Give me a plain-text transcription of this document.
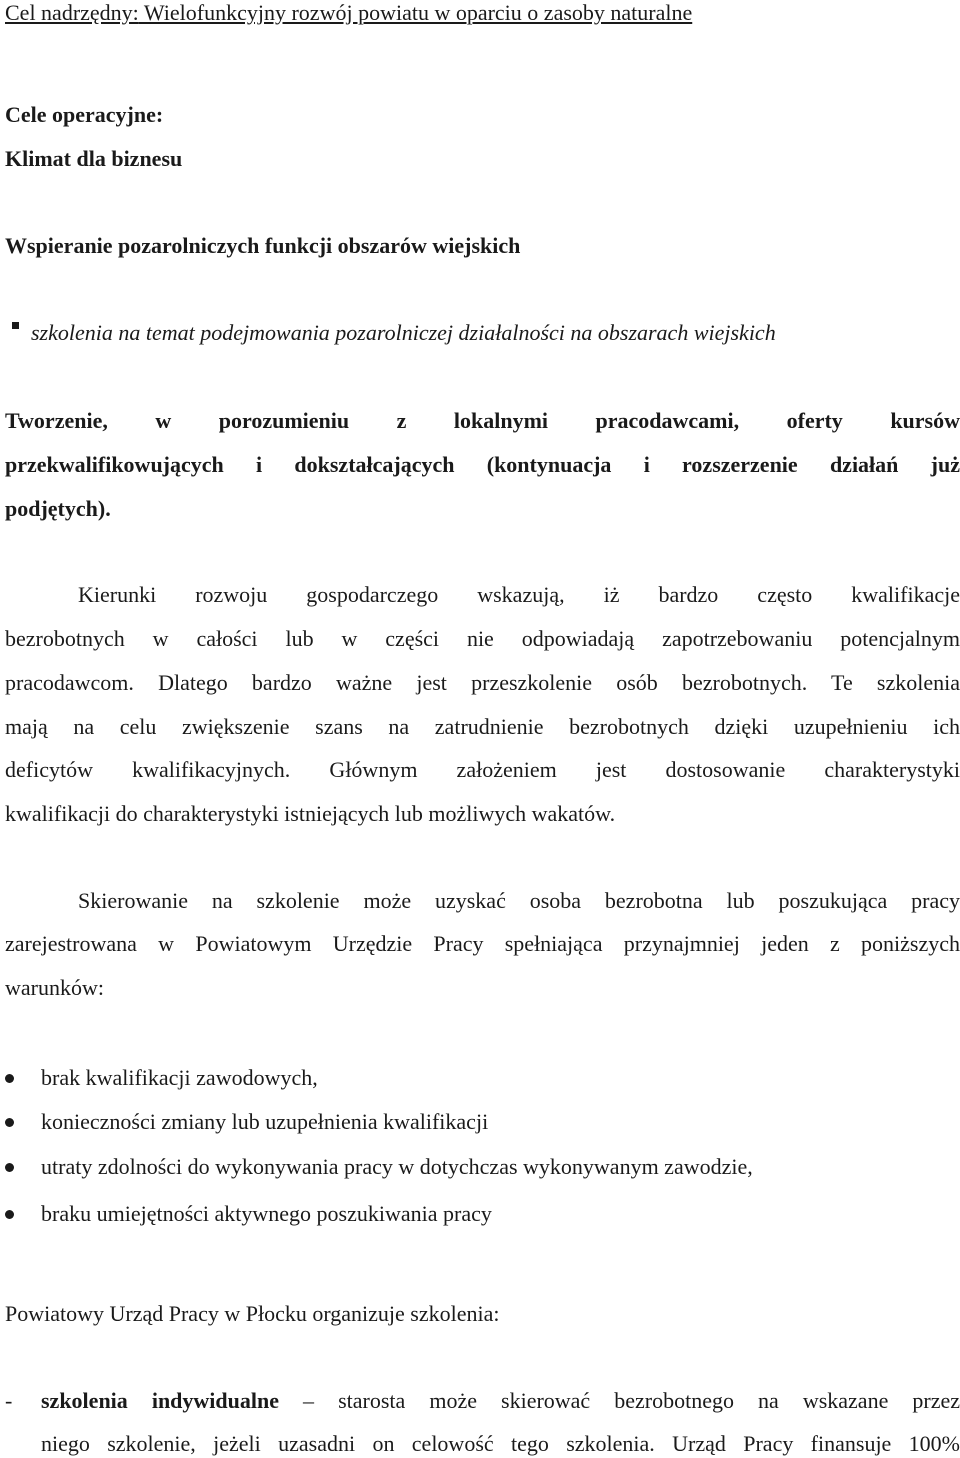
Cel nadrzędny: Wielofunkcyjny rozwój powiatu w oparciu o zasoby naturalne
Cele operacyjne:
Klimat dla biznesu
Wspieranie pozarolniczych funkcji obszarów wiejskich
szkolenia na temat podejmowania pozarolniczej działalności na obszarach wiejskich
Tworzenie, w porozumieniu z lokalnymi pracodawcami, oferty kursów
przekwalifikowujących i dokształcających (kontynuacja i rozszerzenie działań już
podjętych).
Kierunki rozwoju gospodarczego wskazują, iż bardzo często kwalifikacje
bezrobotnych w całości lub w części nie odpowiadają zapotrzebowaniu potencjalnym
pracodawcom. Dlatego bardzo ważne jest przeszkolenie osób bezrobotnych. Te szkolenia
mają na celu zwiększenie szans na zatrudnienie bezrobotnych dzięki uzupełnieniu ich
deficytów kwalifikacyjnych. Głównym założeniem jest dostosowanie charakterystyki
kwalifikacji do charakterystyki istniejących lub możliwych wakatów.
Skierowanie na szkolenie może uzyskać osoba bezrobotna lub poszukująca pracy
zarejestrowana w Powiatowym Urzędzie Pracy spełniająca przynajmniej jeden z poniższych
warunków:
brak kwalifikacji zawodowych,
konieczności zmiany lub uzupełnienia kwalifikacji
utraty zdolności do wykonywania pracy w dotychczas wykonywanym zawodzie,
braku umiejętności aktywnego poszukiwania pracy
Powiatowy Urząd Pracy w Płocku organizuje szkolenia:
- szkolenia indywidualne – starosta może skierować bezrobotnego na wskazane przez
niego szkolenie, jeżeli uzasadni on celowość tego szkolenia. Urząd Pracy finansuje 100%
